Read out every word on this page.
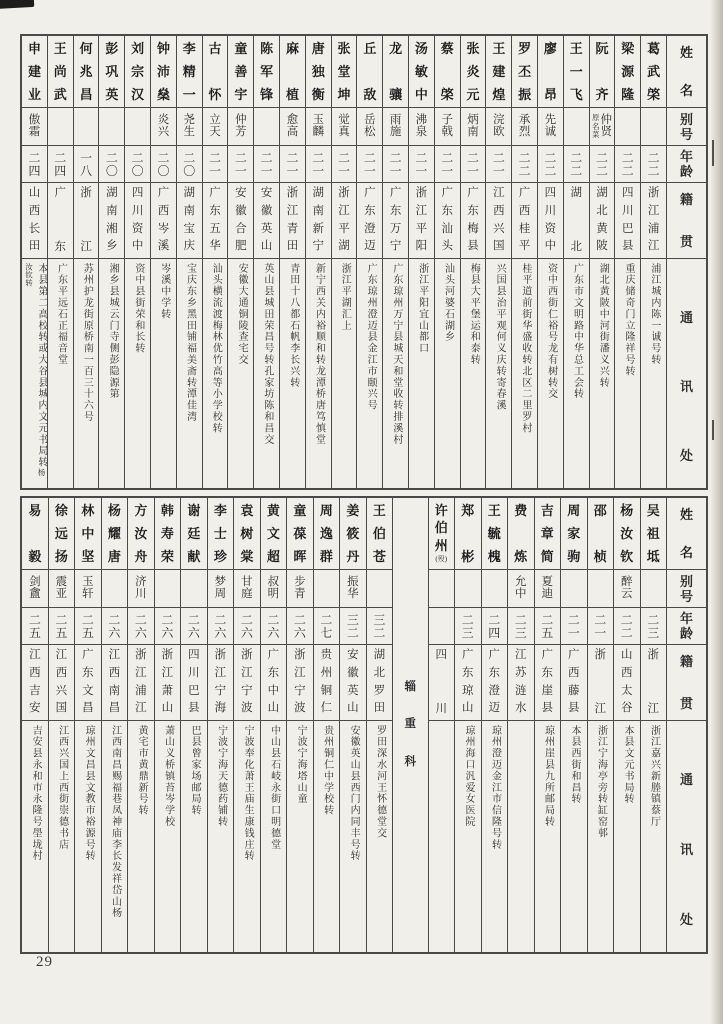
姓
名
别
号
年
龄
籍
贯
通
讯
处
葛
武
棨
二
二
浙
江
浦
江
浦江城内陈一诚号转
梁
源
隆
二
二
四
川
巴
县
重庆储奇门立隆祥号转
阮
齐
仲
贤
原
名
菜
二
二
湖
北
黄
陂
湖北黄陂中河街潘义兴转
王
一
飞
二
二
湖
北
广东市文明路中华总工会转
廖
昂
先
诚
二
二
四
川
资
中
资中西街仁裕号龙有树转交
罗
丕
振
承
烈
二
二
广
西
桂
平
桂平道前街华盛收转北区二里罗村
王
建
煌
浣
欧
二
一
江
西
兴
国
兴国县治平观何义庆转寄春溪
张
炎
元
炳
南
二
一
广
东
梅
县
梅县大平堡运和泰转
蔡
棨
子
戟
二
一
广
东
汕
头
汕头河婆石湖乡
汤
敏
中
沸
泉
二
一
浙
江
平
阳
浙江平阳宜山都口
龙
骧
雨
施
二
一
广
东
万
宁
广东琼州万宁县城天和堂收转排溪村
丘
敌
岳
松
二
一
广
东
澄
迈
广东琼州澄迈县金江市颐兴号
张
堂
坤
觉
真
二
一
浙
江
平
湖
浙江平湖汇上
唐
独
衡
玉
麟
二
一
湖
南
新
宁
新宁西关内裕顺和转龙潭桥唐笃慎堂
麻
植
愈
高
二
一
浙
江
青
田
青田十八都石帆李长兴转
陈
军
锋
二
一
安
徽
英
山
英山县城田荣昌号转孔家坊陈和昌交
童
善
宇
仲
芳
二
一
安
徽
合
肥
安徽大通铜陵查宅交
古
怀
立
天
二
一
广
东
五
华
汕头横流渡梅林优竹高等小学校转
李
精
一
尧
生
二
〇
湖
南
宝
庆
宝庆东乡黑田铺福美斋转潭佳湾
钟
沛
燊
炎
兴
二
〇
广
西
岑
溪
岑溪中学转
刘
宗
汉
二
〇
四
川
资
中
资中县街荣和长转
彭
巩
英
二
〇
湖
南
湘
乡
湘乡县城云门寺侧彭隐源第
何
兆
昌
一
八
浙
江
苏州护龙街原桥南一百三十六号
王
尚
武
二
四
广
东
广东平远石正福音堂
申
建
业
傲
霜
二
四
山
西
长
田
本县第二高校转或大谷县城内文元书局转杨汝钦转
姓
名
别
号
年
龄
籍
贯
通
讯
处
吴
祖
坻
二
三
浙
江
浙江嘉兴新塍镇蔡厅
杨
汝
钦
醉
云
二
二
山
西
太
谷
本县文元书局转
邵
桢
二
一
浙
江
浙江宁海亭旁转缸窑邨
周
家
驹
二
一
广
西
藤
县
本县西街和昌转
吉
章
简
夏
迪
二
五
广
东
崖
县
琼州崖县九所邮局转
费
炼
允
中
二
三
江
苏
涟
水
王
毓
槐
二
四
广
东
澄
迈
琼州澄迈金江市信隆号转
郑
彬
二
三
广
东
琼
山
琼州海口汎爱女医院
许
伯
州
(殁)
四
川
辎
重
科
王
伯
苍
三
二
湖
北
罗
田
罗田深水河王怀德堂交
姜
筱
丹
振
华
三
二
安
徽
英
山
安徽英山县西门内同丰号转
周
逸
群
二
七
贵
州
铜
仁
贵州铜仁中学校转
童
葆
晖
步
青
二
六
浙
江
宁
波
宁波宁海塔山童
黄
文
超
叔
明
二
六
广
东
中
山
中山县石岐永街口明德堂
袁
树
棠
甘
庭
二
六
浙
江
宁
波
宁波奉化萧王庙生康钱庄转
李
士
珍
梦
周
二
六
浙
江
宁
海
宁波宁海天德药铺转
谢
廷
献
二
六
四
川
巴
县
巴县曾家场邮局转
韩
寿
荣
二
六
浙
江
萧
山
萧山义桥镇苔岑学校
方
汝
舟
济
川
二
六
浙
江
浦
江
黄宅市黄鼎新号转
杨
耀
唐
二
六
江
西
南
昌
江西南昌赐福巷凤神庙李长发祥岱山杨
林
中
坚
玉
轩
二
五
广
东
文
昌
琼州文昌县文教市裕源号转
徐
远
扬
震
亚
二
五
江
西
兴
国
江西兴国上西街崇德书店
易
毅
剑
盦
二
五
江
西
吉
安
吉安县永和市永隆号壆垅村
29
